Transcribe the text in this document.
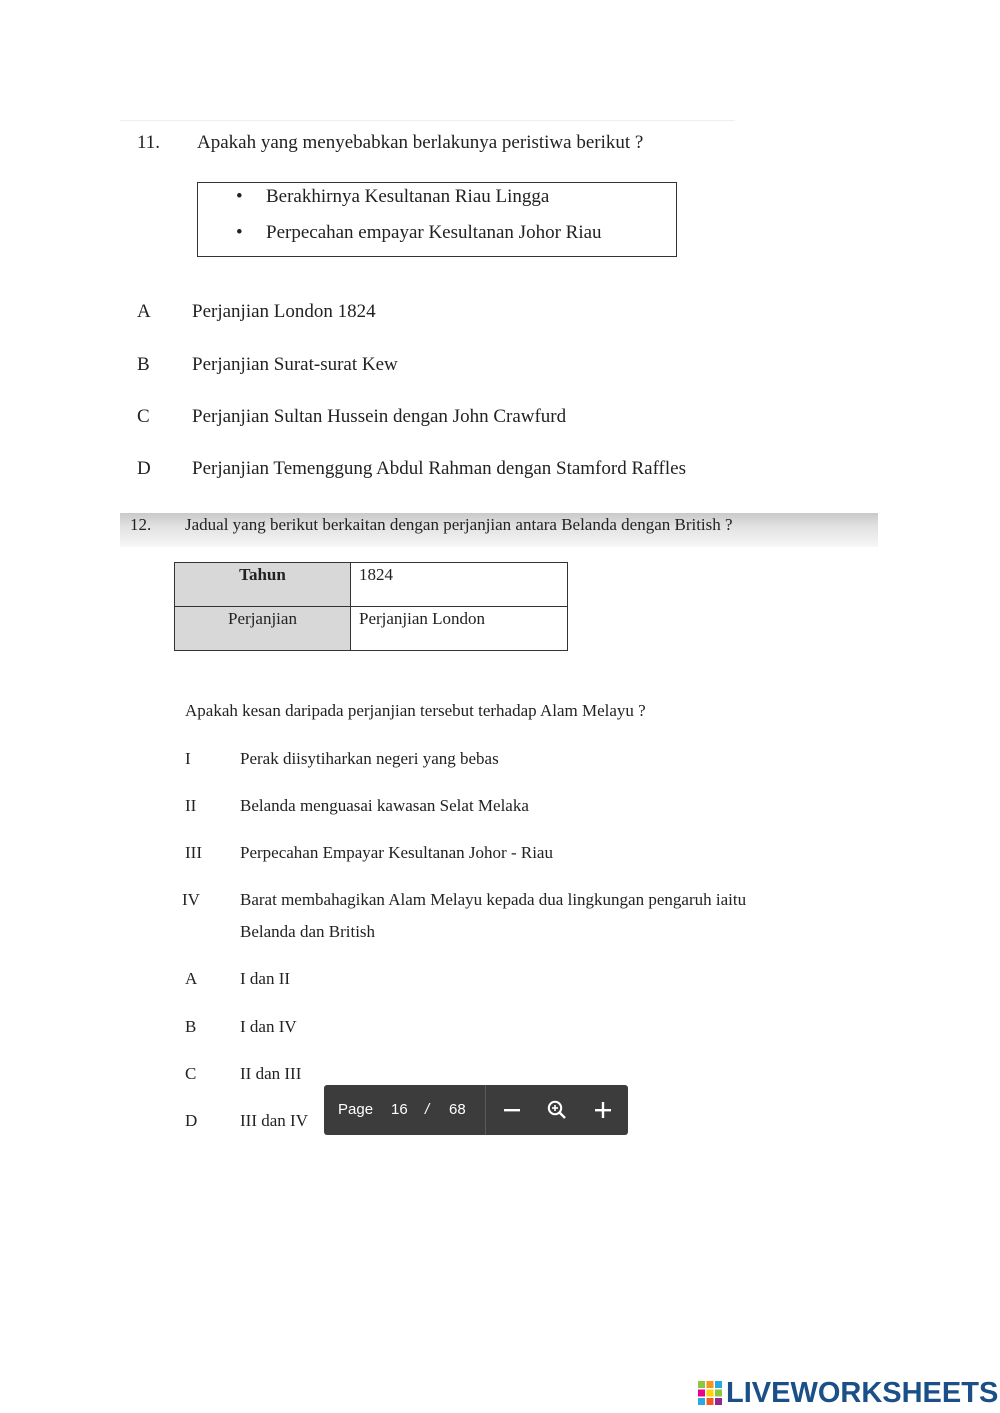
11. Apakah yang menyebabkan berlakunya peristiwa berikut ?
• Berakhirnya Kesultanan Riau Lingga
• Perpecahan empayar Kesultanan Johor Riau
A Perjanjian London 1824
B Perjanjian Surat-surat Kew
C Perjanjian Sultan Hussein dengan John Crawfurd
D Perjanjian Temenggung Abdul Rahman dengan Stamford Raffles
12. Jadual yang berikut berkaitan dengan perjanjian antara Belanda dengan British ?
Tahun	1824
Perjanjian	Perjanjian London
Apakah kesan daripada perjanjian tersebut terhadap Alam Melayu ?
I	Perak diisytiharkan negeri yang bebas
II	Belanda menguasai kawasan Selat Melaka
III Perpecahan Empayar Kesultanan Johor - Riau
IV Barat membahagikan Alam Melayu kepada dua lingkungan pengaruh iaitu
Belanda dan British
A	I dan II
B	I dan IV
C	II dan III
D	III dan IV
Page 16 / 68
LIVEWORKSHEETS
